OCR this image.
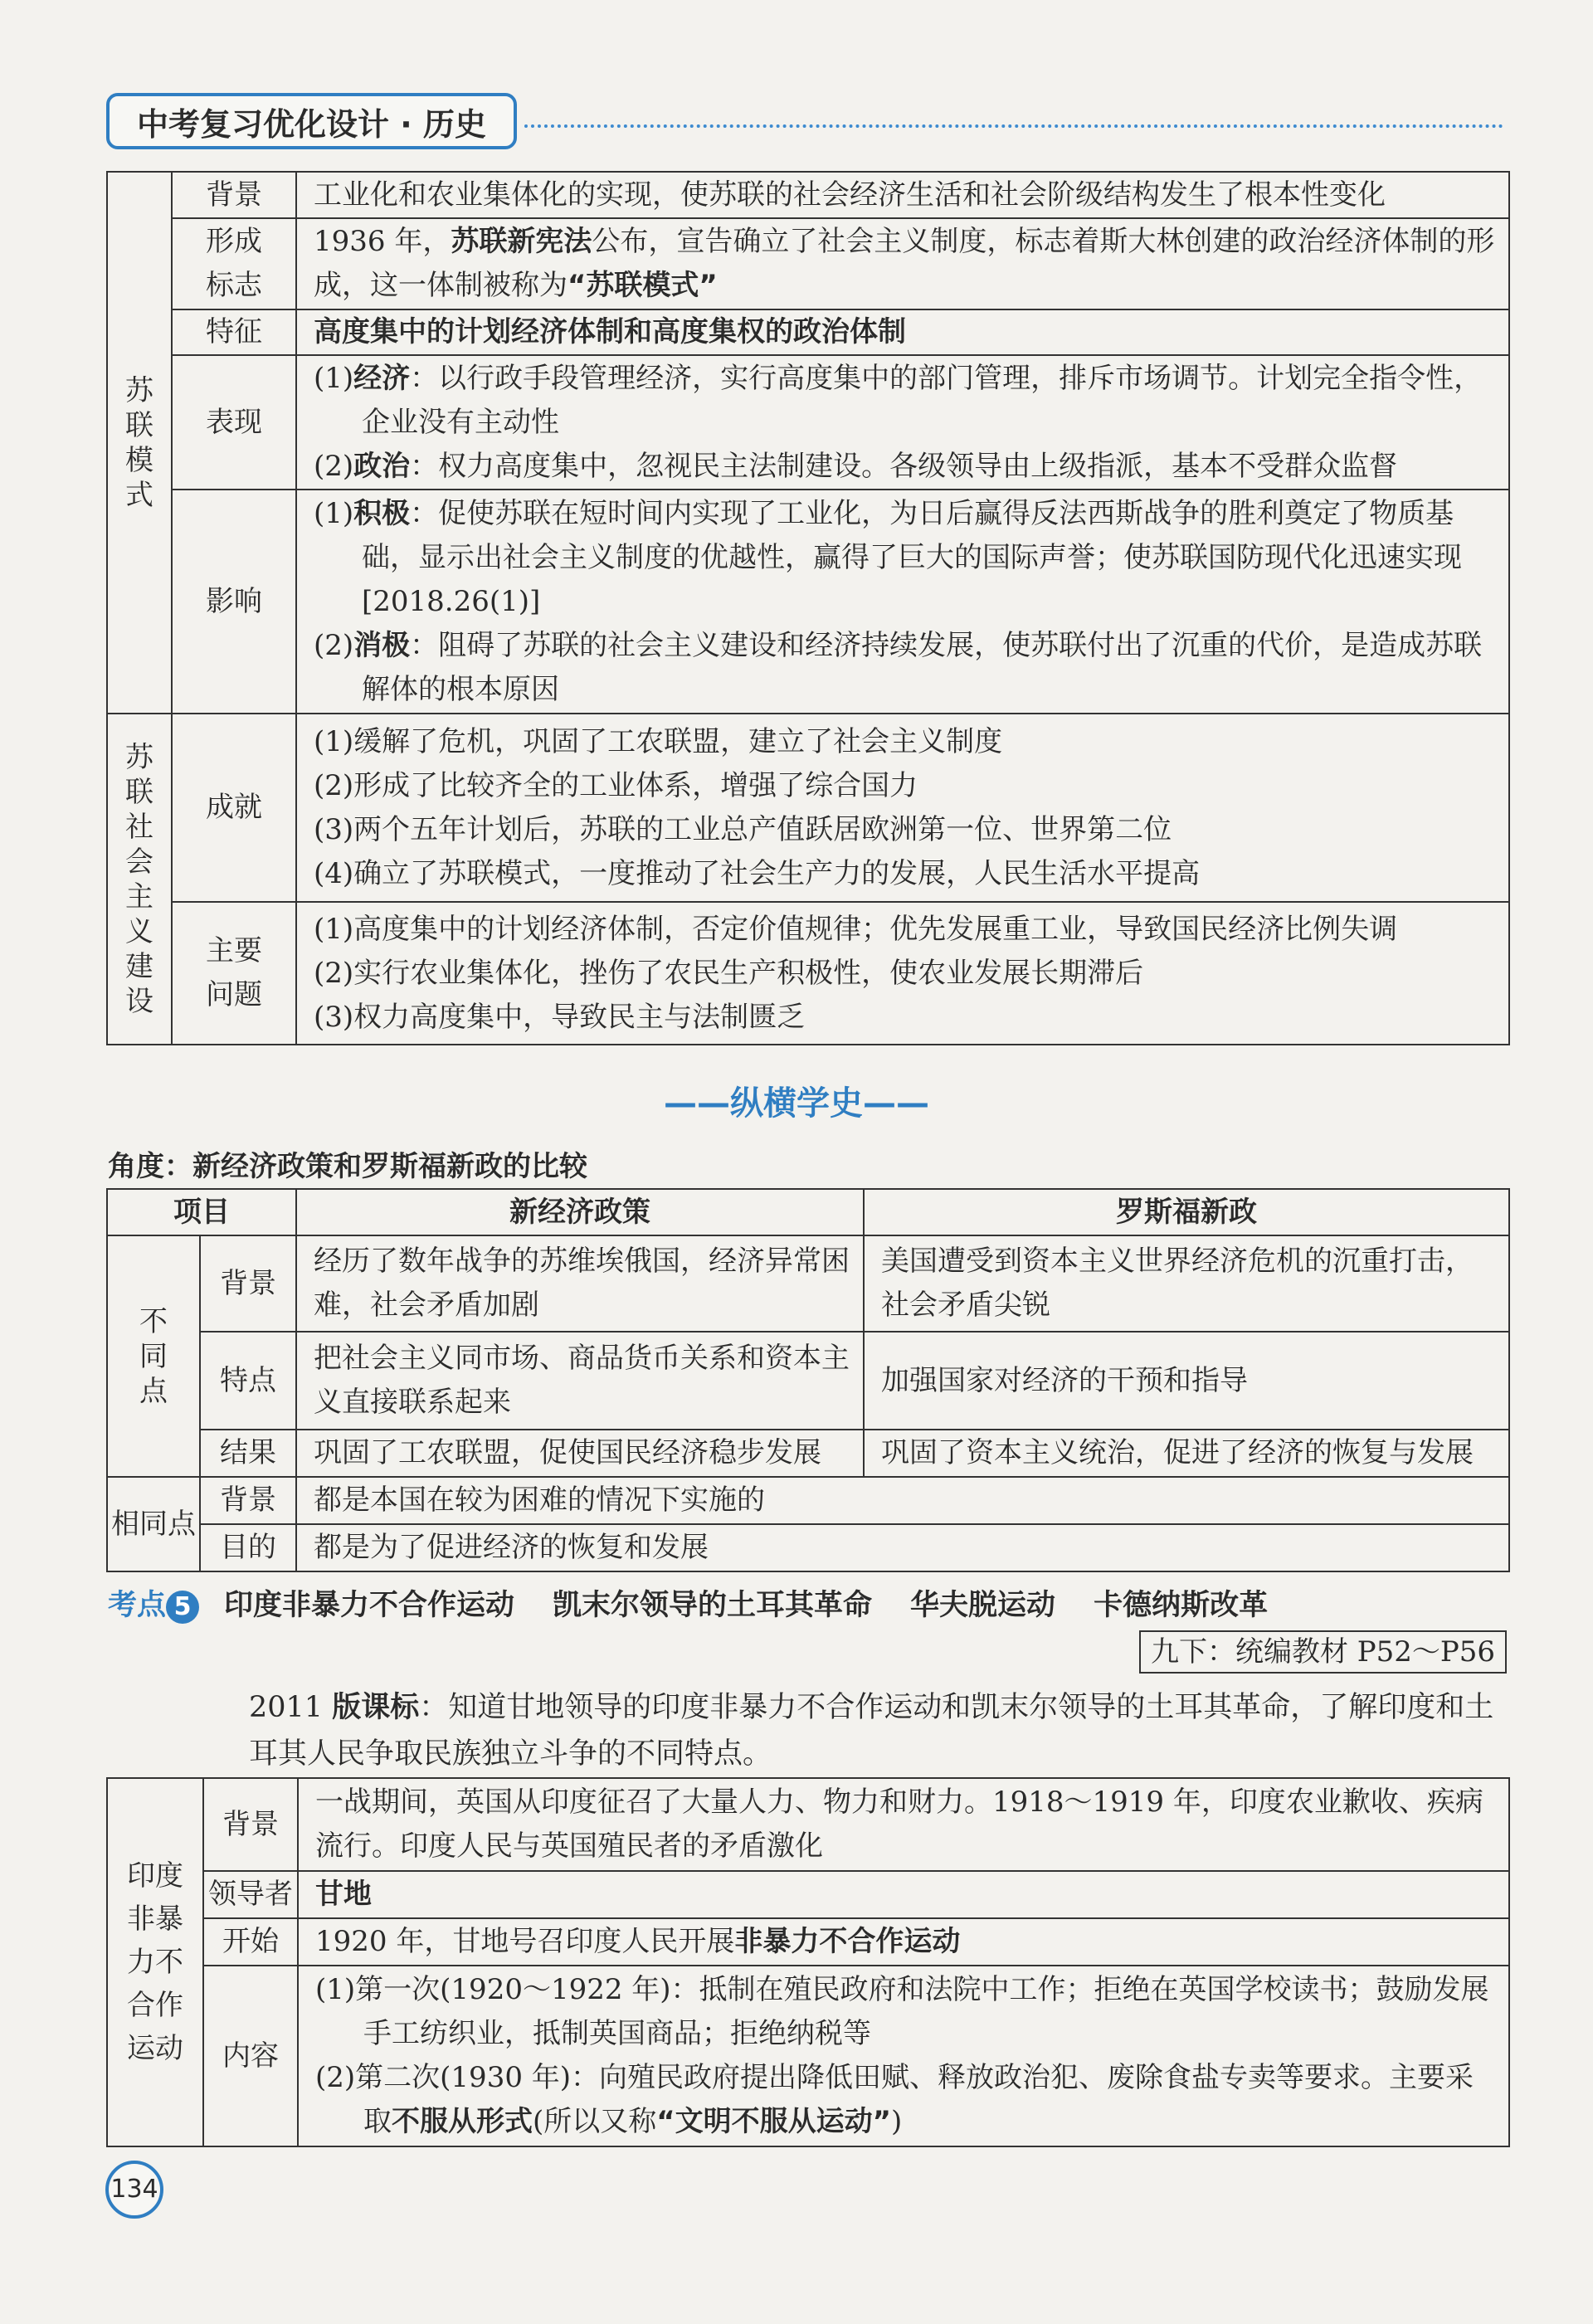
中考复习优化设计 · 历史
苏联模式	背景	工业化和农业集体化的实现，使苏联的社会经济生活和社会阶级结构发生了根本性变化
	形成标志	1936 年，苏联新宪法公布，宣告确立了社会主义制度，标志着斯大林创建的政治经济体制的形成，这一体制被称为“苏联模式”
	特征	高度集中的计划经济体制和高度集权的政治体制
	表现	(1)经济：以行政手段管理经济，实行高度集中的部门管理，排斥市场调节。计划完全指令性，企业没有主动性
(2)政治：权力高度集中，忽视民主法制建设。各级领导由上级指派，基本不受群众监督

	影响	(1)积极：促使苏联在短时间内实现了工业化，为日后赢得反法西斯战争的胜利奠定了物质基础，显示出社会主义制度的优越性，赢得了巨大的国际声誉；使苏联国防现代化迅速实现[2018.26(1)]
(2)消极：阻碍了苏联的社会主义建设和经济持续发展，使苏联付出了沉重的代价，是造成苏联解体的根本原因

苏联社会主义建设	成就	(1)缓解了危机，巩固了工农联盟，建立了社会主义制度
(2)形成了比较齐全的工业体系，增强了综合国力
(3)两个五年计划后，苏联的工业总产值跃居欧洲第一位、世界第二位
(4)确立了苏联模式，一度推动了社会生产力的发展，人民生活水平提高

	主要问题	(1)高度集中的计划经济体制，否定价值规律；优先发展重工业，导致国民经济比例失调
(2)实行农业集体化，挫伤了农民生产积极性，使农业发展长期滞后
(3)权力高度集中，导致民主与法制匮乏
——纵横学史——
角度：新经济政策和罗斯福新政的比较
项目		新经济政策	罗斯福新政
不同点	背景	经历了数年战争的苏维埃俄国，经济异常困难，社会矛盾加剧	美国遭受到资本主义世界经济危机的沉重打击，社会矛盾尖锐
	特点	把社会主义同市场、商品货币关系和资本主义直接联系起来	加强国家对经济的干预和指导
	结果	巩固了工农联盟，促使国民经济稳步发展	巩固了资本主义统治，促进了经济的恢复与发展
相同点	背景	都是本国在较为困难的情况下实施的	
	目的	都是为了促进经济的恢复和发展	
考点 5 印度非暴力不合作运动 凯末尔领导的土耳其革命 华夫脱运动 卡德纳斯改革
九下：统编教材 P52～P56
2011 版课标：知道甘地领导的印度非暴力不合作运动和凯末尔领导的土耳其革命，了解印度和土耳其人民争取民族独立斗争的不同特点。
印度非暴力不合作运动	背景	一战期间，英国从印度征召了大量人力、物力和财力。1918～1919 年，印度农业歉收、疾病流行。印度人民与英国殖民者的矛盾激化
	领导者	甘地
	开始	1920 年，甘地号召印度人民开展非暴力不合作运动
	内容	(1)第一次(1920～1922 年)：抵制在殖民政府和法院中工作；拒绝在英国学校读书；鼓励发展手工纺织业，抵制英国商品；拒绝纳税等
(2)第二次(1930 年)：向殖民政府提出降低田赋、释放政治犯、废除食盐专卖等要求。主要采取不服从形式(所以又称“文明不服从运动”)
134
